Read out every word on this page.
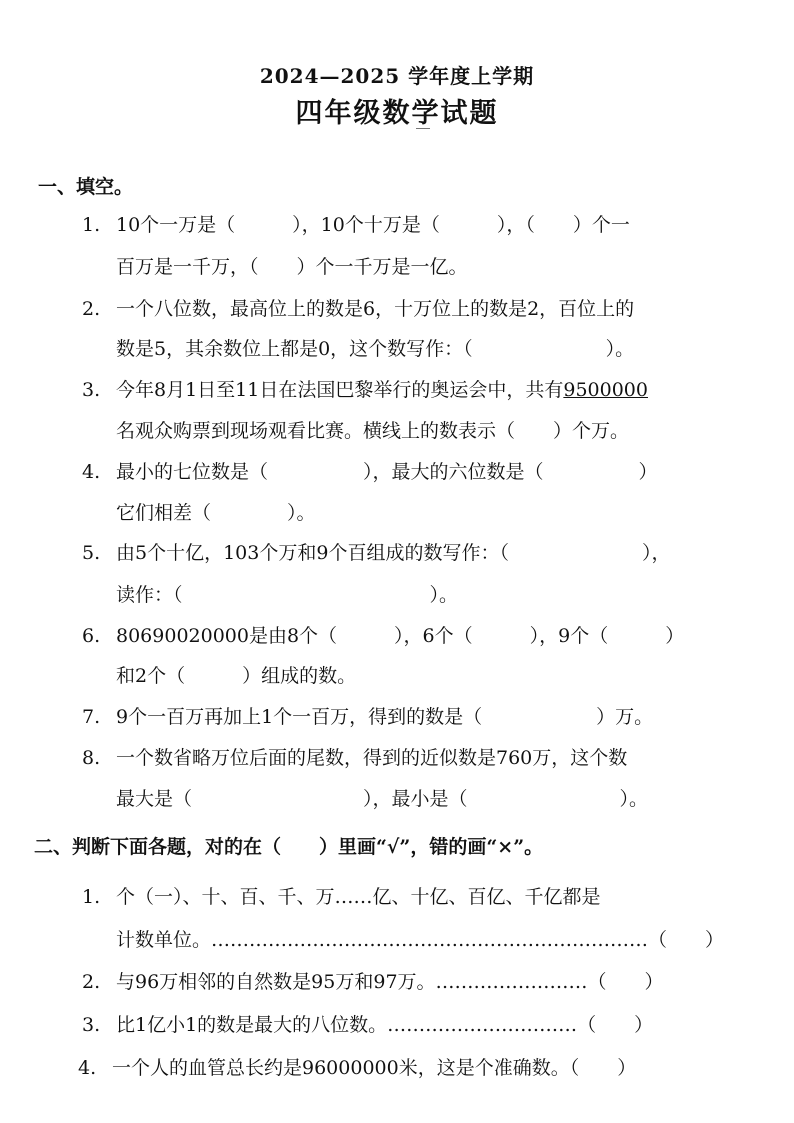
2024—2025 学年度上学期
四年级数学试题
一、填空。
1. 10个一万是（　　　），10个十万是（　　　），（　　）个一
百万是一千万，（　　）个一千万是一亿。
2. 一个八位数，最高位上的数是6，十万位上的数是2，百位上的
数是5，其余数位上都是0，这个数写作：（　　　　　　　）。
3. 今年8月1日至11日在法国巴黎举行的奥运会中，共有9500000
名观众购票到现场观看比赛。横线上的数表示（　　）个万。
4. 最小的七位数是（　　　　　），最大的六位数是（　　　　　）
它们相差（　　　　）。
5. 由5个十亿，103个万和9个百组成的数写作：（　　　　　　　），
读作：（　　　　　　　　　　　　　）。
6. 80690020000是由8个（　　　），6个（　　　），9个（　　　）
和2个（　　　）组成的数。
7. 9个一百万再加上1个一百万，得到的数是（　　　　　　）万。
8. 一个数省略万位后面的尾数，得到的近似数是760万，这个数
最大是（　　　　　　　　　），最小是（　　　　　　　　）。
二、判断下面各题，对的在（　　）里画“√”，错的画“×”。
1. 个（一）、十、百、千、万……亿、十亿、百亿、千亿都是
计数单位。……………………………………………………………（　　）
2. 与96万相邻的自然数是95万和97万。……………………（　　）
3. 比1亿小1的数是最大的八位数。…………………………（　　）
4. 一个人的血管总长约是96000000米，这是个准确数。（　　）
